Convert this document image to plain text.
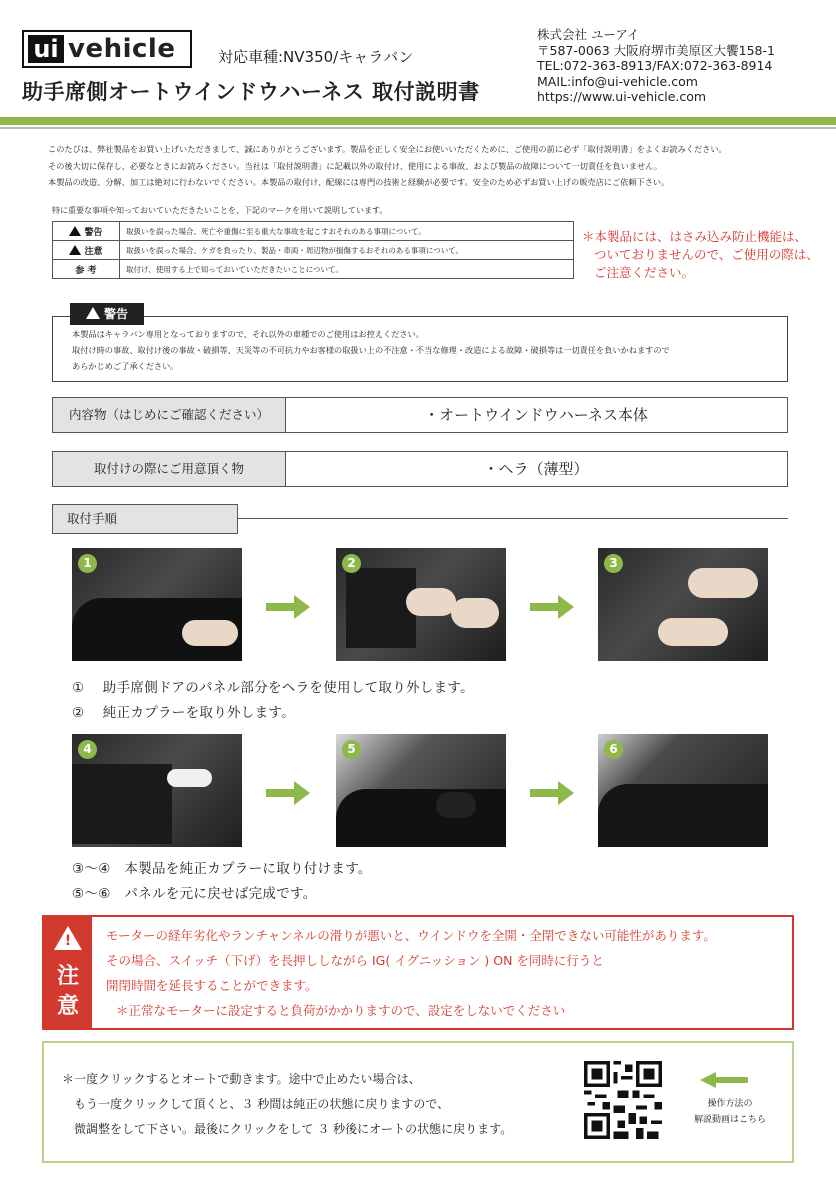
ui vehicle	対応車種:NV350/キャラバン
助手席側オートウインドウハーネス 取付説明書
株式会社 ユーアイ
〒587-0063 大阪府堺市美原区大饗158-1
TEL:072-363-8913/FAX:072-363-8914
MAIL:info@ui-vehicle.com
https://www.ui-vehicle.com
このたびは、弊社製品をお買い上げいただきまして、誠にありがとうございます。製品を正しく安全にお使いいただくために、ご使用の前に必ず「取付説明書」をよくお読みください。
その後大切に保存し、必要なときにお読みください。当社は「取付説明書」に記載以外の取付け、使用による事故、および製品の故障について一切責任を負いません。
本製品の改造、分解、加工は絶対に行わないでください。本製品の取付け、配線には専門の技術と経験が必要です。安全のため必ずお買い上げの販売店にご依頼下さい。
特に重要な事項や知っておいていただきたいことを、下記のマークを用いて説明しています。
警告	取扱いを誤った場合、死亡や重傷に至る重大な事故を起こすおそれのある事項について。
注意	取扱いを誤った場合、ケガを負ったり、製品・車両・周辺物が損傷するおそれのある事項について。
参 考	取付け、使用する上で知っておいていただきたいことについて。
＊本製品には、はさみ込み防止機能は、
ついておりませんので、ご使用の際は、
ご注意ください。
警告
本製品はキャラバン専用となっておりますので、それ以外の車種でのご使用はお控えください。
取付け時の事故、取付け後の事故・破損等、天災等の不可抗力やお客様の取扱い上の不注意・不当な修理・改造による故障・破損等は一切責任を負いかねますので
あらかじめご了承ください。
内容物（はじめにご確認ください）	・オートウインドウハーネス本体
取付けの際にご用意頂く物	・ヘラ（薄型）
取付手順
1	2	3
①　 助手席側ドアのパネル部分をヘラを使用して取り外します。
②　 純正カプラーを取り外します。
4	5	6
③～④　本製品を純正カプラーに取り付けます。
⑤～⑥　パネルを元に戻せば完成です。
!
注
意
モーターの経年劣化やランチャンネルの滑りが悪いと、ウインドウを全開・全閉できない可能性があります。
その場合、スイッチ（下げ）を長押ししながら IG( イグニッション ) ON を同時に行うと
開閉時間を延長することができます。
＊正常なモーターに設定すると負荷がかかりますので、設定をしないでください
＊一度クリックするとオートで動きます。途中で止めたい場合は、
　もう一度クリックして頂くと、３ 秒間は純正の状態に戻りますので、
　微調整をして下さい。最後にクリックをして ３ 秒後にオートの状態に戻ります。
操作方法の
解説動画はこちら
